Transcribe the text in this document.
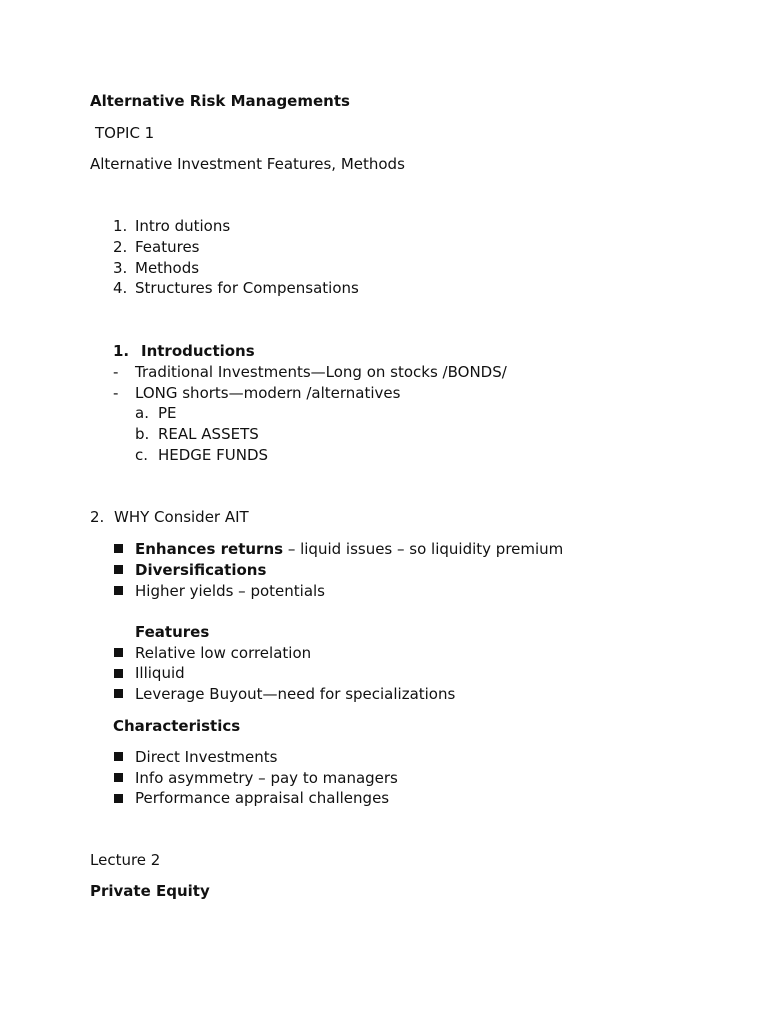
Alternative Risk Managements
TOPIC 1
Alternative Investment Features, Methods
1. Intro dutions
2. Features
3. Methods
4. Structures for Compensations
1. Introductions
- Traditional Investments—Long on stocks /BONDS/
- LONG shorts—modern /alternatives
a. PE
b. REAL ASSETS
c. HEDGE FUNDS
2. WHY Consider AIT
Enhances returns – liquid issues – so liquidity premium
Diversifications
Higher yields – potentials
Features
Relative low correlation
Illiquid
Leverage Buyout—need for specializations
Characteristics
Direct Investments
Info asymmetry – pay to managers
Performance appraisal challenges
Lecture 2
Private Equity
